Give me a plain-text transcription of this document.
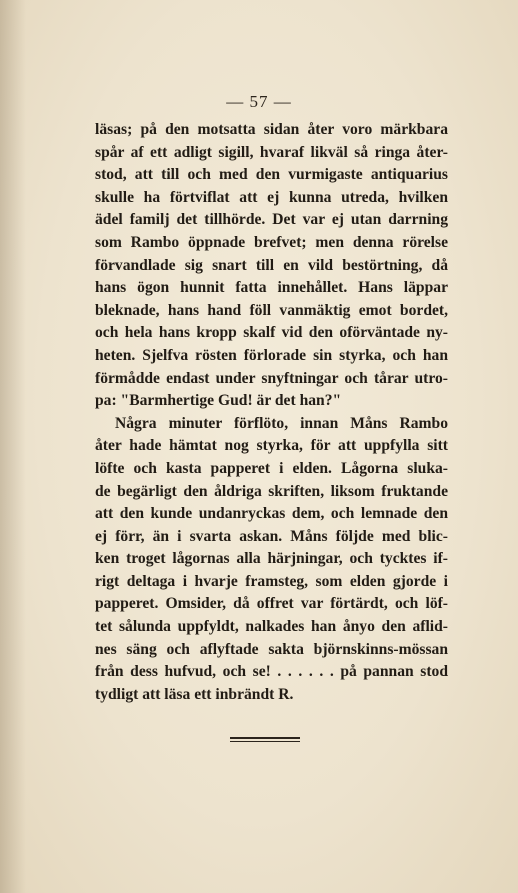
— 57 —
läsas; på den motsatta sidan åter voro märkbara
spår af ett adligt sigill, hvaraf likväl så ringa åter-
stod, att till och med den vurmigaste antiquarius
skulle ha förtviflat att ej kunna utreda, hvilken
ädel familj det tillhörde. Det var ej utan darrning
som Rambo öppnade brefvet; men denna rörelse
förvandlade sig snart till en vild bestörtning, då
hans ögon hunnit fatta innehållet. Hans läppar
bleknade, hans hand föll vanmäktig emot bordet,
och hela hans kropp skalf vid den oförväntade ny-
heten. Sjelfva rösten förlorade sin styrka, och han
förmådde endast under snyftningar och tårar utro-
pa: "Barmhertige Gud! är det han?"
Några minuter förflöto, innan Måns Rambo
åter hade hämtat nog styrka, för att uppfylla sitt
löfte och kasta papperet i elden. Lågorna sluka-
de begärligt den åldriga skriften, liksom fruktande
att den kunde undanryckas dem, och lemnade den
ej förr, än i svarta askan. Måns följde med blic-
ken troget lågornas alla härjningar, och tycktes if-
rigt deltaga i hvarje framsteg, som elden gjorde i
papperet. Omsider, då offret var förtärdt, och löf-
tet sålunda uppfyldt, nalkades han ånyo den aflid-
nes säng och aflyftade sakta björnskinns-mössan
från dess hufvud, och se! . . . . . . på pannan stod
tydligt att läsa ett inbrändt R.
